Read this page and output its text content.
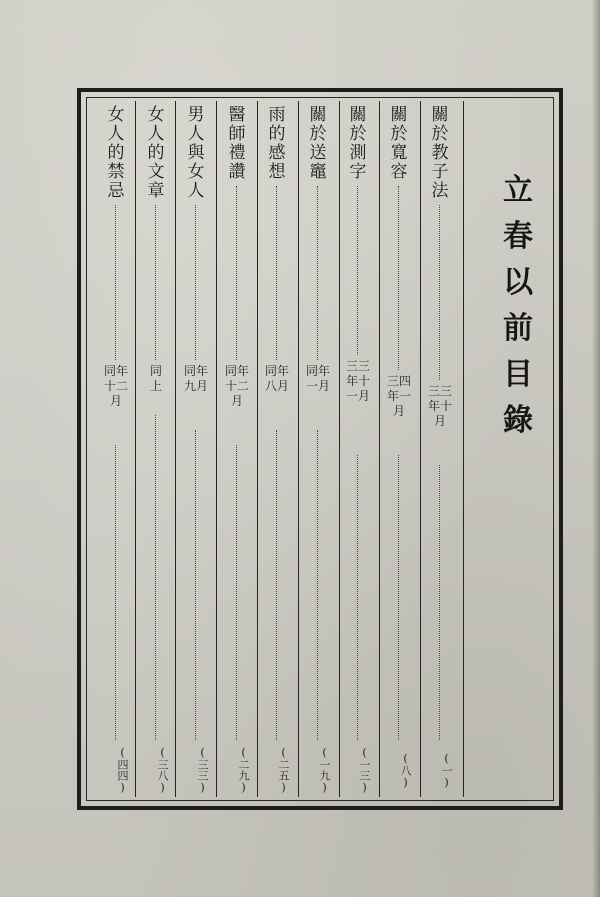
立春以前目錄
關於教子法
三三年十月
(一)
關於寬容
三四年一月
(八)
關於測字
三三年十一月
(一三)
關於送竈
同年一月
(一九)
雨的感想
同年八月
(二五)
醫師禮讚
同年十二月
(二九)
男人與女人
同年九月
(三三)
女人的文章
同 上
(三八)
女人的禁忌
同年十二月
(四四)
